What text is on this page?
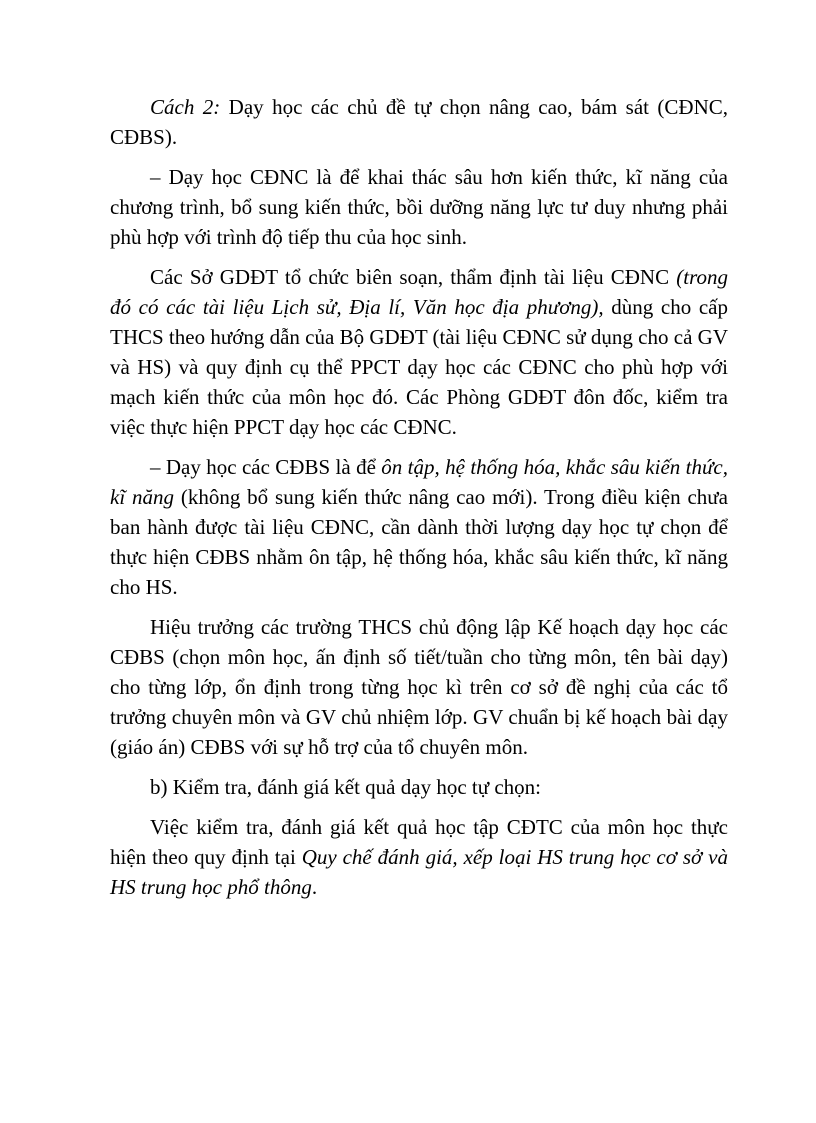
Cách 2: Dạy học các chủ đề tự chọn nâng cao, bám sát (CĐNC, CĐBS).

– Dạy học CĐNC là để khai thác sâu hơn kiến thức, kĩ năng của chương trình, bổ sung kiến thức, bồi dưỡng năng lực tư duy nhưng phải phù hợp với trình độ tiếp thu của học sinh.

Các Sở GDĐT tổ chức biên soạn, thẩm định tài liệu CĐNC (trong đó có các tài liệu Lịch sử, Địa lí, Văn học địa phương), dùng cho cấp THCS theo hướng dẫn của Bộ GDĐT (tài liệu CĐNC sử dụng cho cả GV và HS) và quy định cụ thể PPCT dạy học các CĐNC cho phù hợp với mạch kiến thức của môn học đó. Các Phòng GDĐT đôn đốc, kiểm tra việc thực hiện PPCT dạy học các CĐNC.

– Dạy học các CĐBS là để ôn tập, hệ thống hóa, khắc sâu kiến thức, kĩ năng (không bổ sung kiến thức nâng cao mới). Trong điều kiện chưa ban hành được tài liệu CĐNC, cần dành thời lượng dạy học tự chọn để thực hiện CĐBS nhằm ôn tập, hệ thống hóa, khắc sâu kiến thức, kĩ năng cho HS.

Hiệu trưởng các trường THCS chủ động lập Kế hoạch dạy học các CĐBS (chọn môn học, ấn định số tiết/tuần cho từng môn, tên bài dạy) cho từng lớp, ổn định trong từng học kì trên cơ sở đề nghị của các tổ trưởng chuyên môn và GV chủ nhiệm lớp. GV chuẩn bị kế hoạch bài dạy (giáo án) CĐBS với sự hỗ trợ của tổ chuyên môn.

b) Kiểm tra, đánh giá kết quả dạy học tự chọn:

Việc kiểm tra, đánh giá kết quả học tập CĐTC của môn học thực hiện theo quy định tại Quy chế đánh giá, xếp loại HS trung học cơ sở và HS trung học phổ thông.
